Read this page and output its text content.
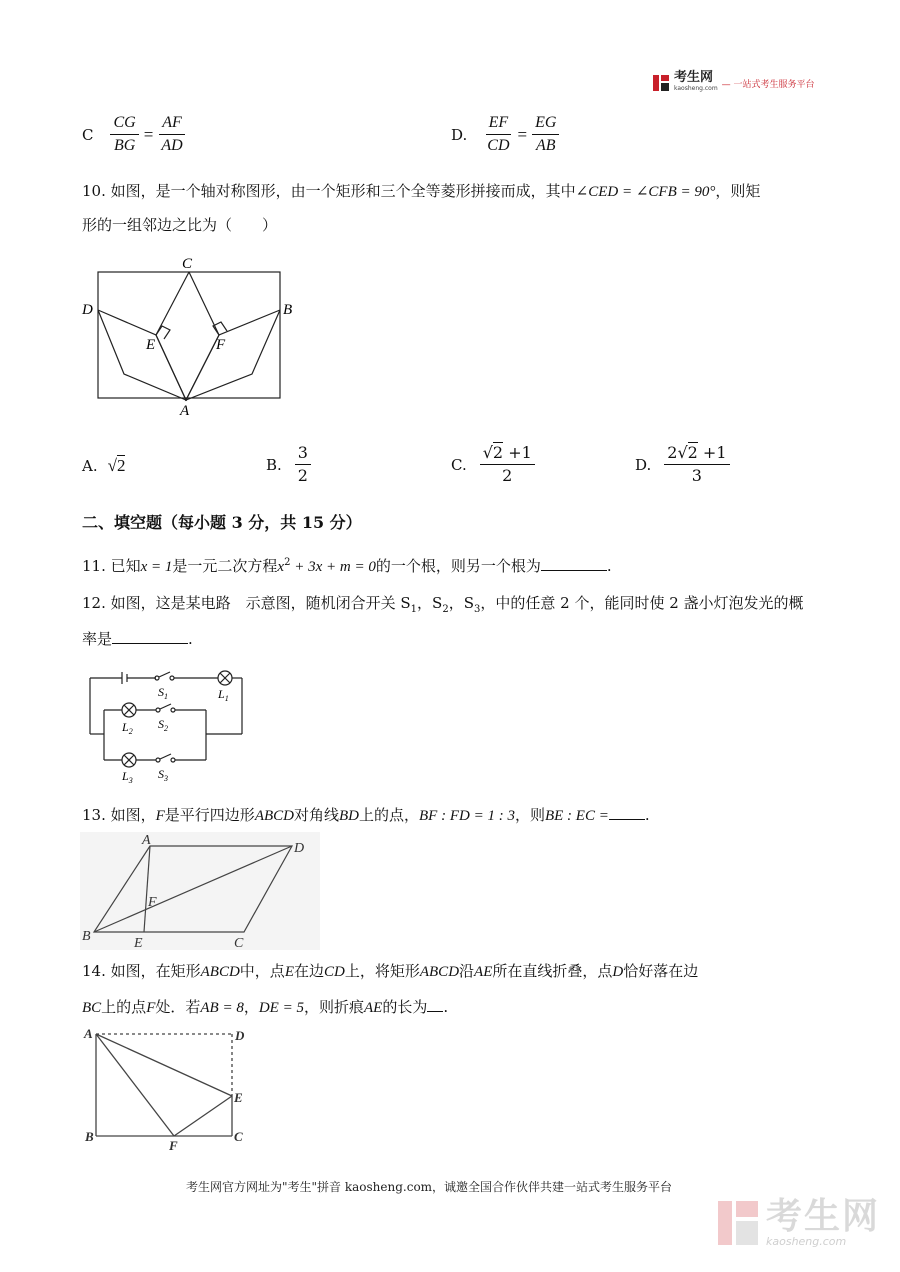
考生网
kaosheng.com — 一站式考生服务平台
C $\frac{CG}{BG} = \frac{AF}{AD}$	D. $\frac{EF}{CD} = \frac{EG}{AB}$
10. 如图，是一个轴对称图形，由一个矩形和三个全等菱形拼接而成，其中∠CED = ∠CFB = 90°，则矩
形的一组邻边之比为（　　）
C
D	B
E	F
A
A. √2	B. $\frac{3}{2}$	C. $\frac{√2 +1}{2}$	D. $\frac{2√2 +1}{3}$
二、填空题（每小题 3 分，共 15 分）
11. 已知x = 1是一元二次方程$x^2 + 3x + m = 0$的一个根，则另一个根为	.
12. 如图，这是某电路　示意图，随机闭合开关 $S_1$，$S_2$，$S_3$，中的任意 2 个，能同时使 2 盏小灯泡发光的概
率是	.
$S_1$	$L_1$
$L_2$
$S_2$
$L_3$ $S_3$
13. 如图，F是平行四边形ABCD对角线BD上的点，BF : FD = 1 : 3，则BE : EC = .
A
D
F
B	E	C
14. 如图，在矩形ABCD中，点E在边CD上，将矩形ABCD沿AE所在直线折叠，点D恰好落在边
BC上的点F处．若AB = 8，DE = 5，则折痕AE的长为 .
A	D
E
B
F
C
考生网官方网址为"考生"拼音 kaosheng.com，诚邀全国合作伙伴共建一站式考生服务平台
考生网
kaosheng.com
